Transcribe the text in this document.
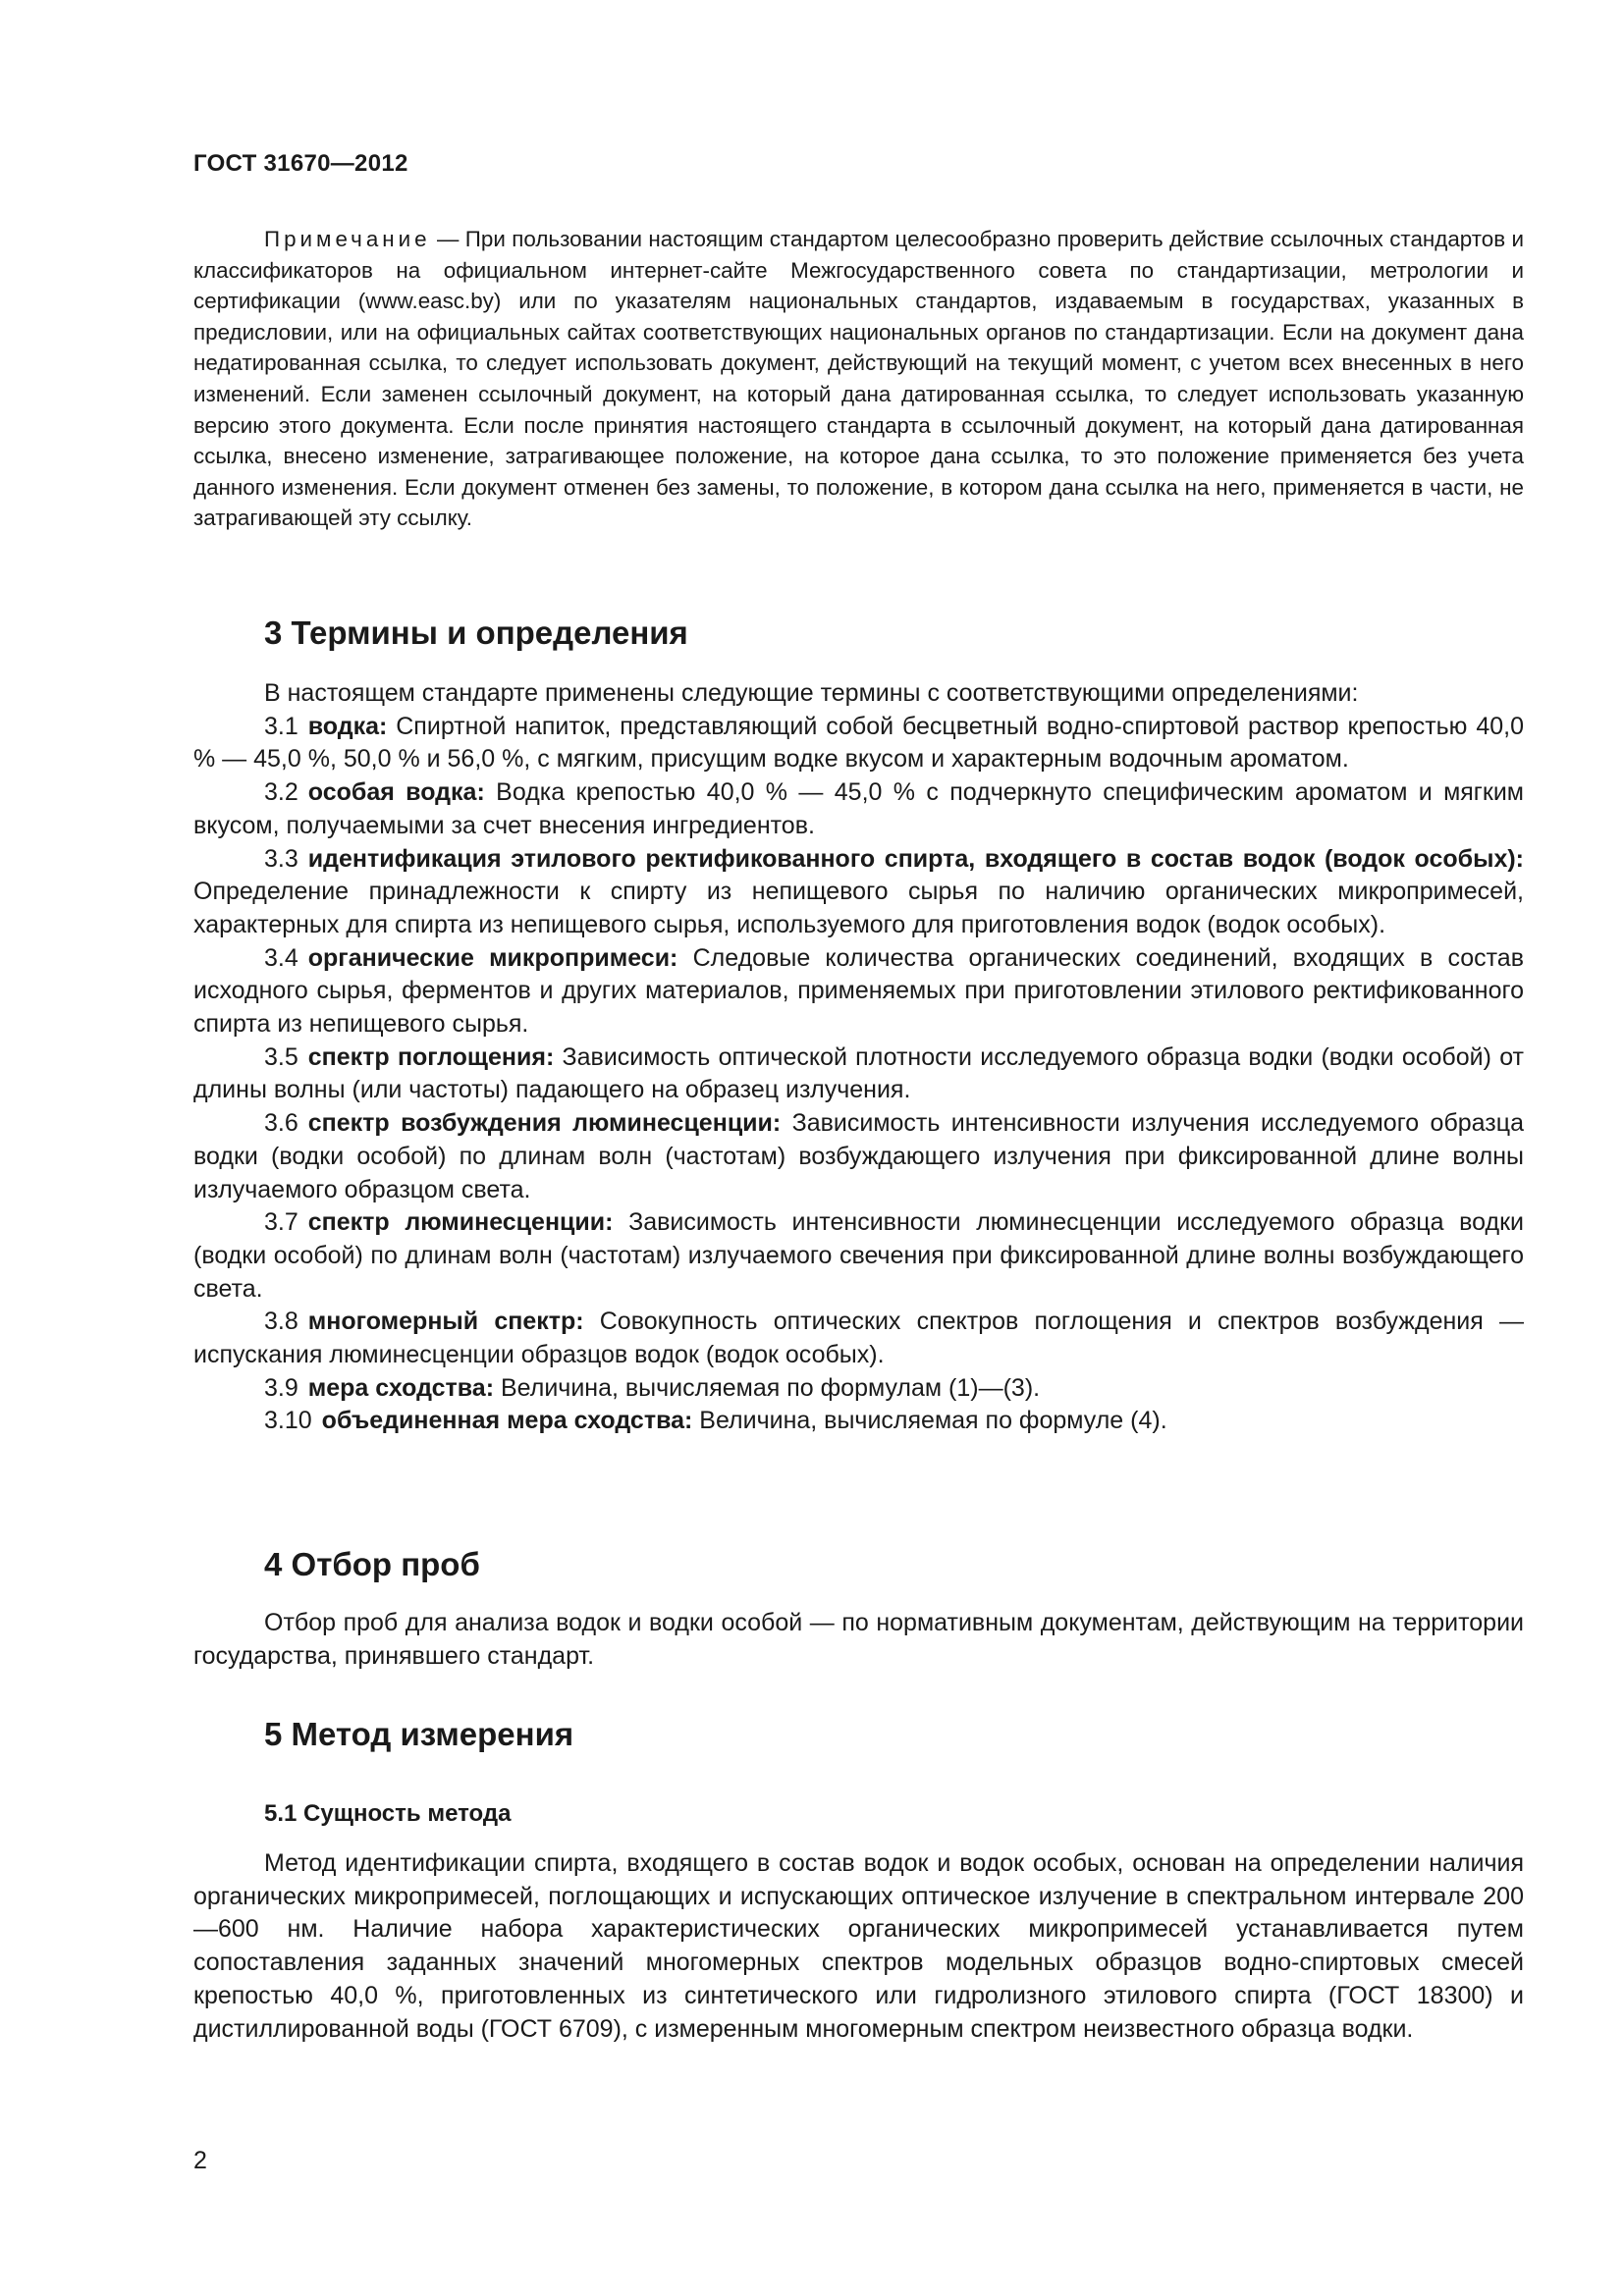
ГОСТ 31670—2012

Примечание — При пользовании настоящим стандартом целесообразно проверить действие ссылочных стандартов и классификаторов на официальном интернет-сайте Межгосударственного совета по стандартизации, метрологии и сертификации (www.easc.by) или по указателям национальных стандартов, издаваемым в государствах, указанных в предисловии, или на официальных сайтах соответствующих национальных органов по стандартизации. Если на документ дана недатированная ссылка, то следует использовать документ, действующий на текущий момент, с учетом всех внесенных в него изменений. Если заменен ссылочный документ, на который дана датированная ссылка, то следует использовать указанную версию этого документа. Если после принятия настоящего стандарта в ссылочный документ, на который дана датированная ссылка, внесено изменение, затрагивающее положение, на которое дана ссылка, то это положение применяется без учета данного изменения. Если документ отменен без замены, то положение, в котором дана ссылка на него, применяется в части, не затрагивающей эту ссылку.

3 Термины и определения

В настоящем стандарте применены следующие термины с соответствующими определениями:

3.1 водка: Спиртной напиток, представляющий собой бесцветный водно-спиртовой раствор крепостью 40,0 % — 45,0 %, 50,0 % и 56,0 %, с мягким, присущим водке вкусом и характерным водочным ароматом.

3.2 особая водка: Водка крепостью 40,0 % — 45,0 % с подчеркнуто специфическим ароматом и мягким вкусом, получаемыми за счет внесения ингредиентов.

3.3 идентификация этилового ректификованного спирта, входящего в состав водок (водок особых): Определение принадлежности к спирту из непищевого сырья по наличию органических микропримесей, характерных для спирта из непищевого сырья, используемого для приготовления водок (водок особых).

3.4 органические микропримеси: Следовые количества органических соединений, входящих в состав исходного сырья, ферментов и других материалов, применяемых при приготовлении этилового ректификованного спирта из непищевого сырья.

3.5 спектр поглощения: Зависимость оптической плотности исследуемого образца водки (водки особой) от длины волны (или частоты) падающего на образец излучения.

3.6 спектр возбуждения люминесценции: Зависимость интенсивности излучения исследуемого образца водки (водки особой) по длинам волн (частотам) возбуждающего излучения при фиксированной длине волны излучаемого образцом света.

3.7 спектр люминесценции: Зависимость интенсивности люминесценции исследуемого образца водки (водки особой) по длинам волн (частотам) излучаемого свечения при фиксированной длине волны возбуждающего света.

3.8 многомерный спектр: Совокупность оптических спектров поглощения и спектров возбуждения — испускания люминесценции образцов водок (водок особых).

3.9 мера сходства: Величина, вычисляемая по формулам (1)—(3).

3.10 объединенная мера сходства: Величина, вычисляемая по формуле (4).

4 Отбор проб

Отбор проб для анализа водок и водки особой — по нормативным документам, действующим на территории государства, принявшего стандарт.

5 Метод измерения
5.1 Сущность метода

Метод идентификации спирта, входящего в состав водок и водок особых, основан на определении наличия органических микропримесей, поглощающих и испускающих оптическое излучение в спектральном интервале 200—600 нм. Наличие набора характеристических органических микропримесей устанавливается путем сопоставления заданных значений многомерных спектров модельных образцов водно-спиртовых смесей крепостью 40,0 %, приготовленных из синтетического или гидролизного этилового спирта (ГОСТ 18300) и дистиллированной воды (ГОСТ 6709), с измеренным многомерным спектром неизвестного образца водки.

2
